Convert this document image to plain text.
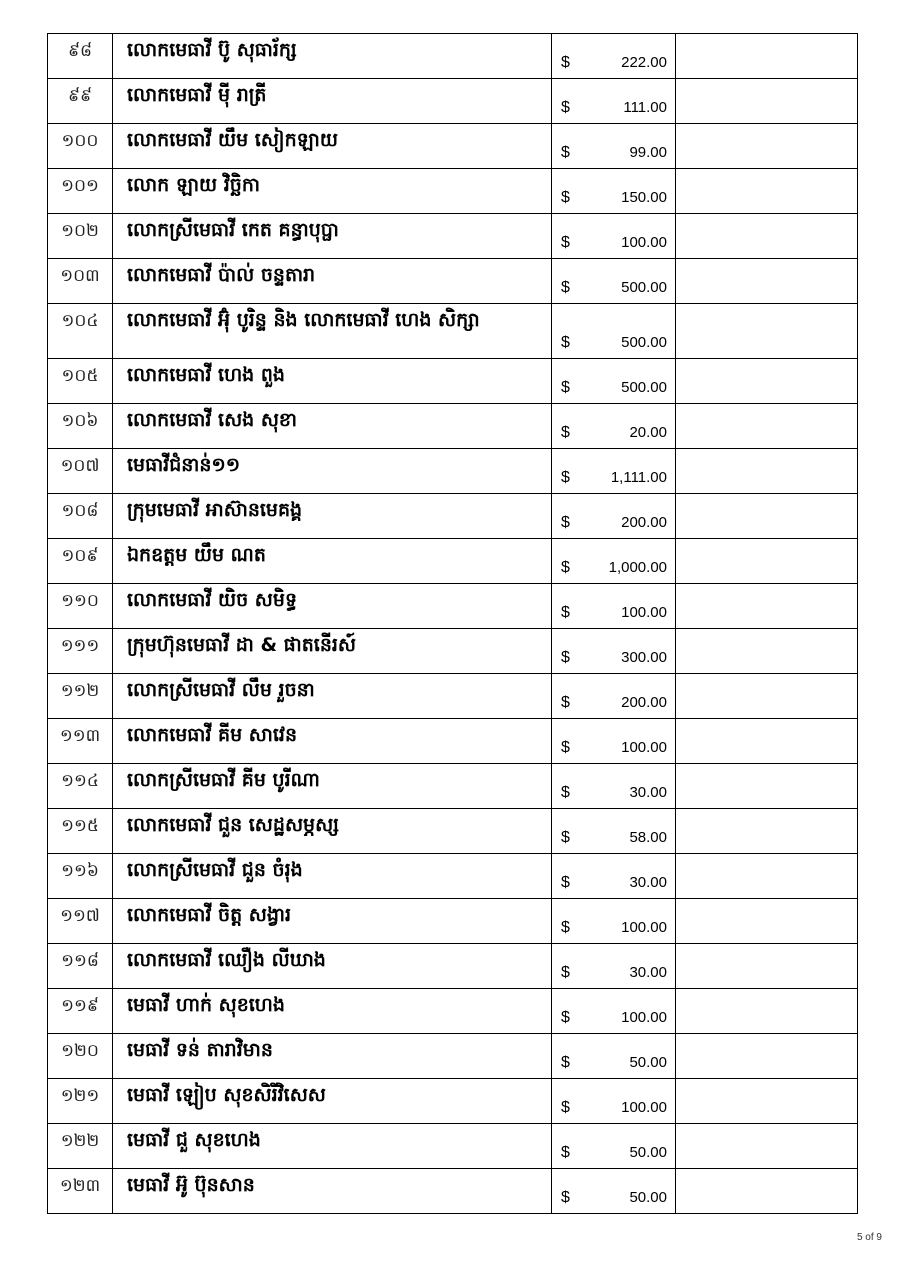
៩៨	លោកមេធាវី ប៊ូ សុធារ័ក្ស	$ 222.00	

៩៩	លោកមេធាវី ម៉ី រាត្រី	$ 111.00	

១០០	លោកមេធាវី យឹម សៀកឡាយ	$ 99.00	

១០១	លោក ឡាយ វិច្ឆិកា	$ 150.00	

១០២	លោកស្រីមេធាវី កេត គន្ធាបុប្ផា	$ 100.00	

១០៣	លោកមេធាវី ប៉ាល់ ចន្ទតារា	$ 500.00	

១០៤	លោកមេធាវី អ៊ុំ បូរិន្ទ និង លោកមេធាវី ហេង សិក្សា	$ 500.00	

១០៥	លោកមេធាវី ហេង ពួង	$ 500.00	

១០៦	លោកមេធាវី សេង សុខា	$ 20.00	

១០៧	មេធាវីជំនាន់១១	$ 1,111.00	

១០៨	ក្រុមមេធាវី អាស៊ានមេគង្គ	$ 200.00	

១០៩	ឯកឧត្តម យឹម ណត	$ 1,000.00	

១១០	លោកមេធាវី យិច សមិទ្ធ	$ 100.00	

១១១	ក្រុមហ៊ុនមេធាវី ដា & ផាតនើរស៍	$ 300.00	

១១២	លោកស្រីមេធាវី លឹម រួចនា	$ 200.00	

១១៣	លោកមេធាវី គីម សាវេន	$ 100.00	

១១៤	លោកស្រីមេធាវី គីម បូរីណា	$ 30.00	

១១៥	លោកមេធាវី ជួន សេដ្ឋសម្ភស្ស	$ 58.00	

១១៦	លោកស្រីមេធាវី ជួន ចំរុង	$ 30.00	

១១៧	លោកមេធាវី ចិត្ត សង្វារ	$ 100.00	

១១៨	លោកមេធាវី ឈឿង លីឃាង	$ 30.00	

១១៩	មេធាវី ហាក់ សុខហេង	$ 100.00	

១២០	មេធាវី ទន់ តារាវិមាន	$ 50.00	

១២១	មេធាវី ឡៀប សុខសិរីវិសេស	$ 100.00	

១២២	មេធាវី ជួ សុខហេង	$ 50.00	

១២៣	មេធាវី អ៊ូ ប៊ុនសាន	$ 50.00	

5 of 9
